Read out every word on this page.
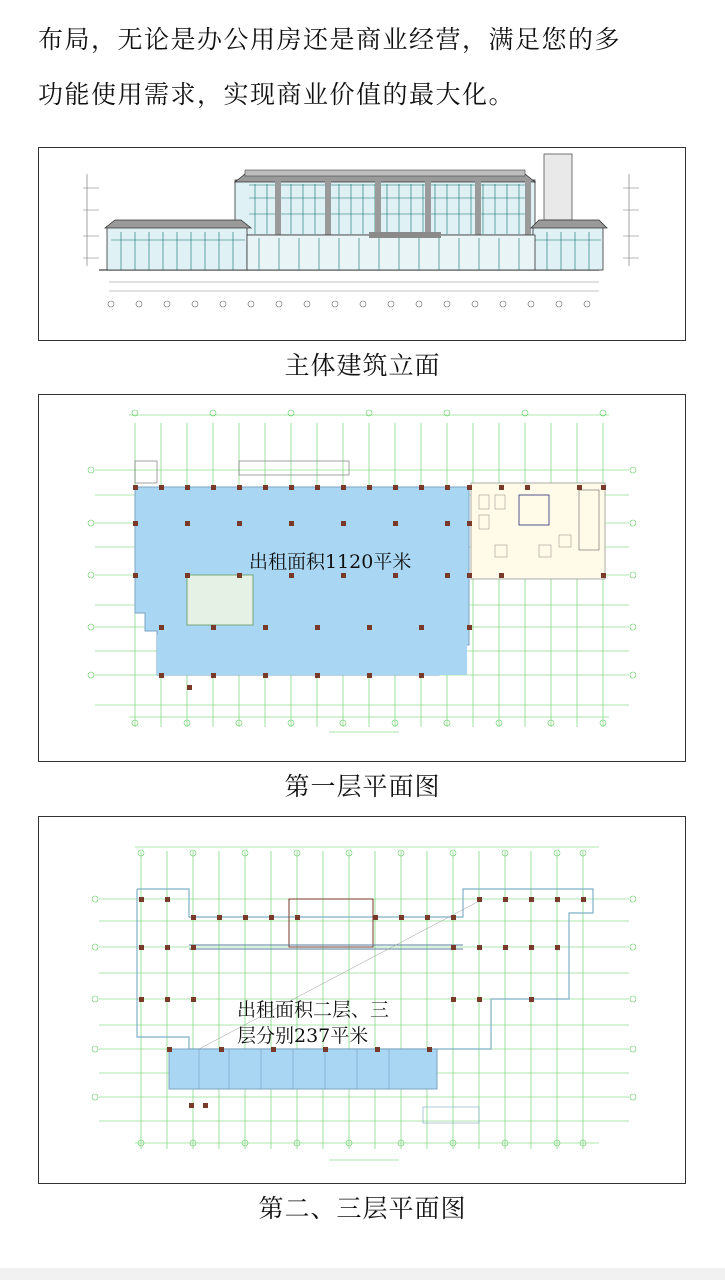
布局，无论是办公用房还是商业经营，满足您的多
功能使用需求，实现商业价值的最大化。
主体建筑立面
出租面积1120平米
第一层平面图
出租面积二层、三
层分别237平米
第二、三层平面图
